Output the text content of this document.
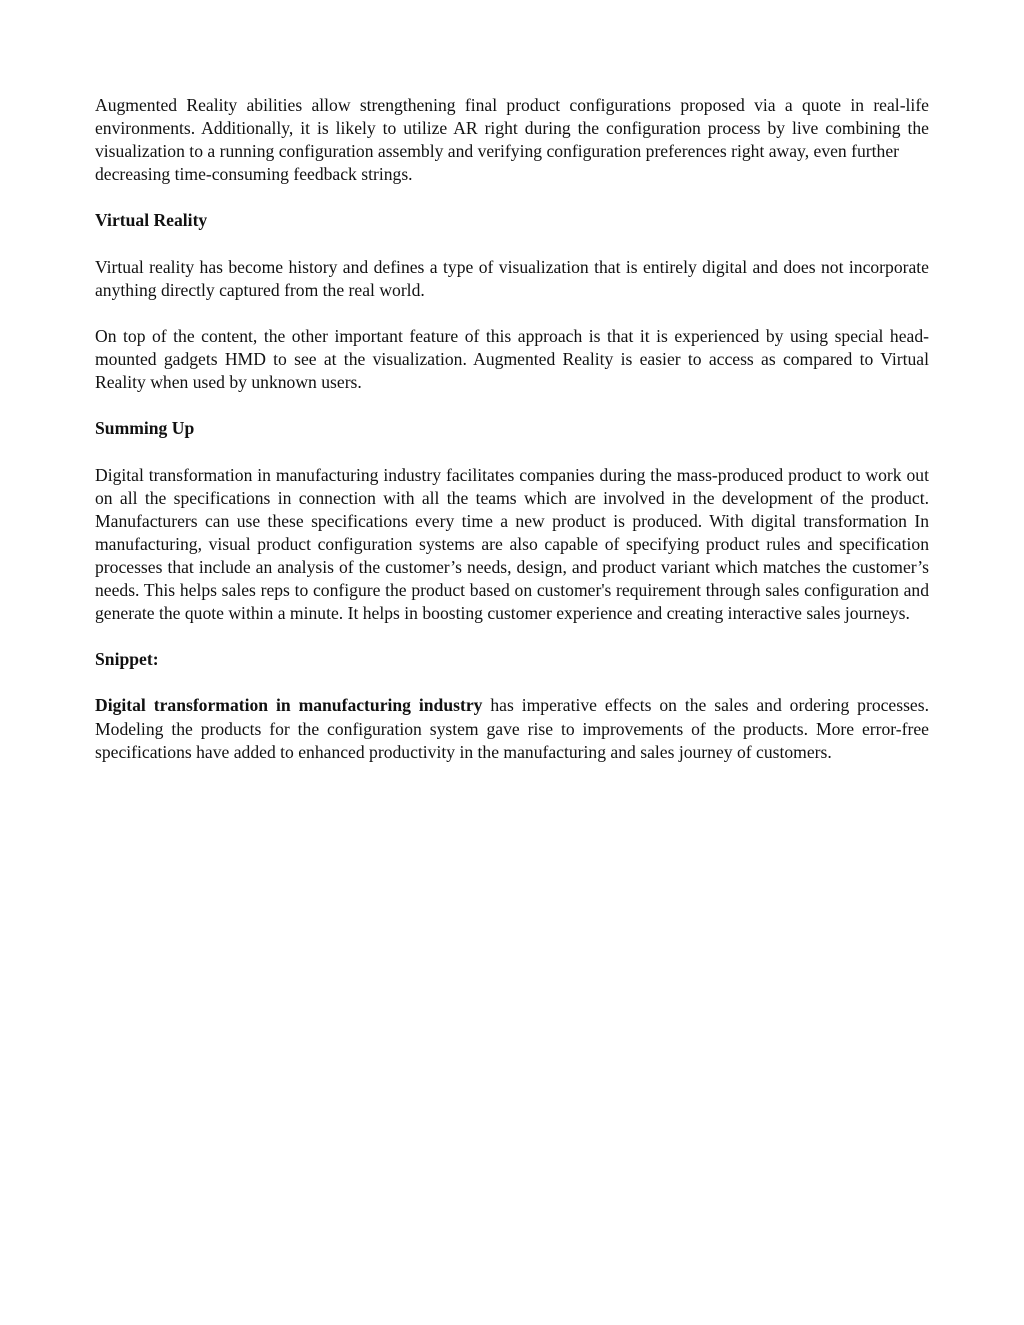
Augmented Reality abilities allow strengthening final product configurations proposed via a quote in real-life environments. Additionally, it is likely to utilize AR right during the configuration process by live combining the visualization to a running configuration assembly and verifying configuration preferences right away, even further

decreasing time-consuming feedback strings.

Virtual Reality

Virtual reality has become history and defines a type of visualization that is entirely digital and does not incorporate anything directly captured from the real world.

On top of the content, the other important feature of this approach is that it is experienced by using special head-mounted gadgets HMD to see at the visualization. Augmented Reality is easier to access as compared to Virtual Reality when used by unknown users.

Summing Up

Digital transformation in manufacturing industry facilitates companies during the mass-produced product to work out on all the specifications in connection with all the teams which are involved in the development of the product. Manufacturers can use these specifications every time a new product is produced. With digital transformation In manufacturing, visual product configuration systems are also capable of specifying product rules and specification processes that include an analysis of the customer’s needs, design, and product variant which matches the customer’s needs. This helps sales reps to configure the product based on customer's requirement through sales configuration and generate the quote within a minute. It helps in boosting customer experience and creating interactive sales journeys.

Snippet:

Digital transformation in manufacturing industry has imperative effects on the sales and ordering processes. Modeling the products for the configuration system gave rise to improvements of the products. More error-free specifications have added to enhanced productivity in the manufacturing and sales journey of customers.
